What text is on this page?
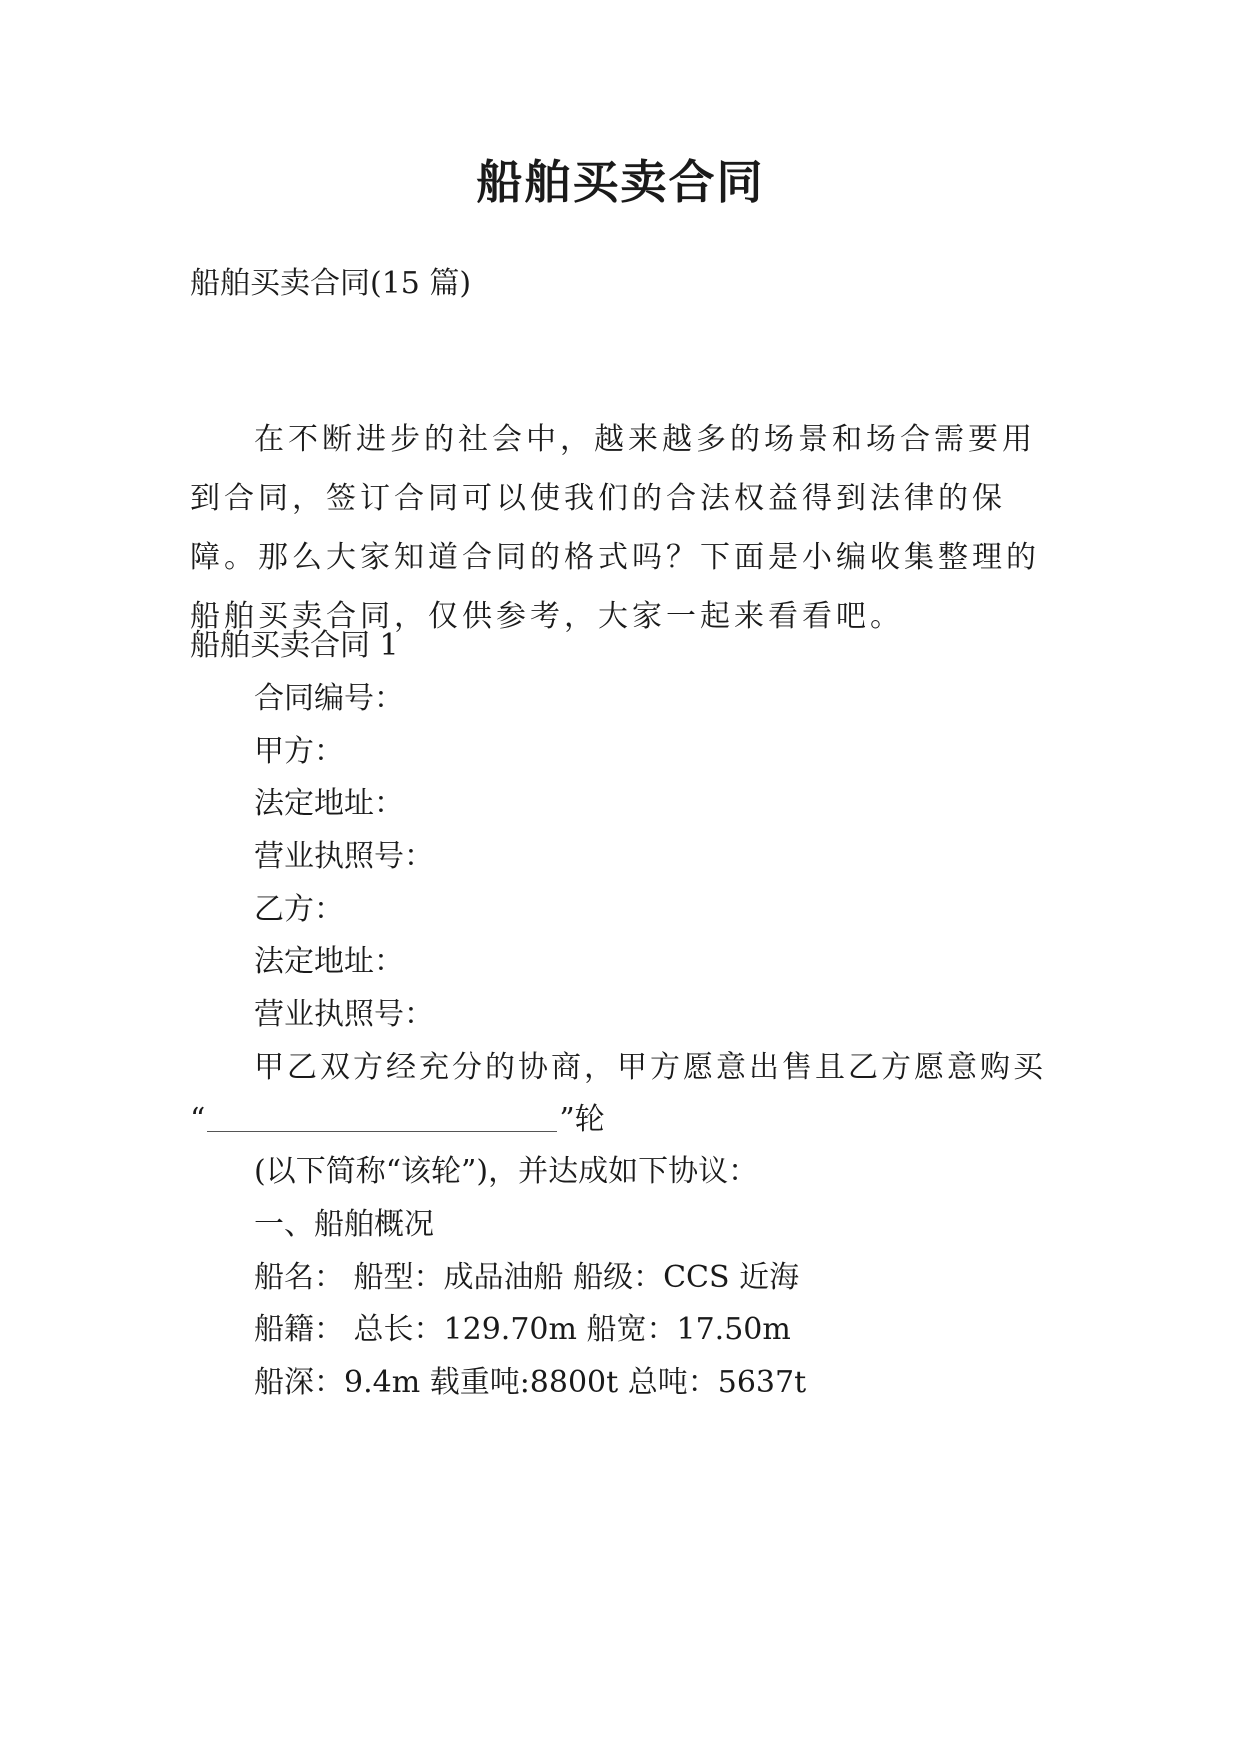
船舶买卖合同

船舶买卖合同(15 篇)

在不断进步的社会中，越来越多的场景和场合需要用到合同，签订合同可以使我们的合法权益得到法律的保障。那么大家知道合同的格式吗？下面是小编收集整理的船舶买卖合同，仅供参考，大家一起来看看吧。

船舶买卖合同 1

合同编号：

甲方：

法定地址：

营业执照号：

乙方：

法定地址：

营业执照号：

甲乙双方经充分的协商，甲方愿意出售且乙方愿意购买

“	”轮

(以下简称“该轮”)，并达成如下协议：

一、船舶概况

船名： 船型：成品油船 船级：CCS 近海

船籍： 总长：129.70m 船宽：17.50m

船深：9.4m 载重吨:8800t 总吨：5637t
